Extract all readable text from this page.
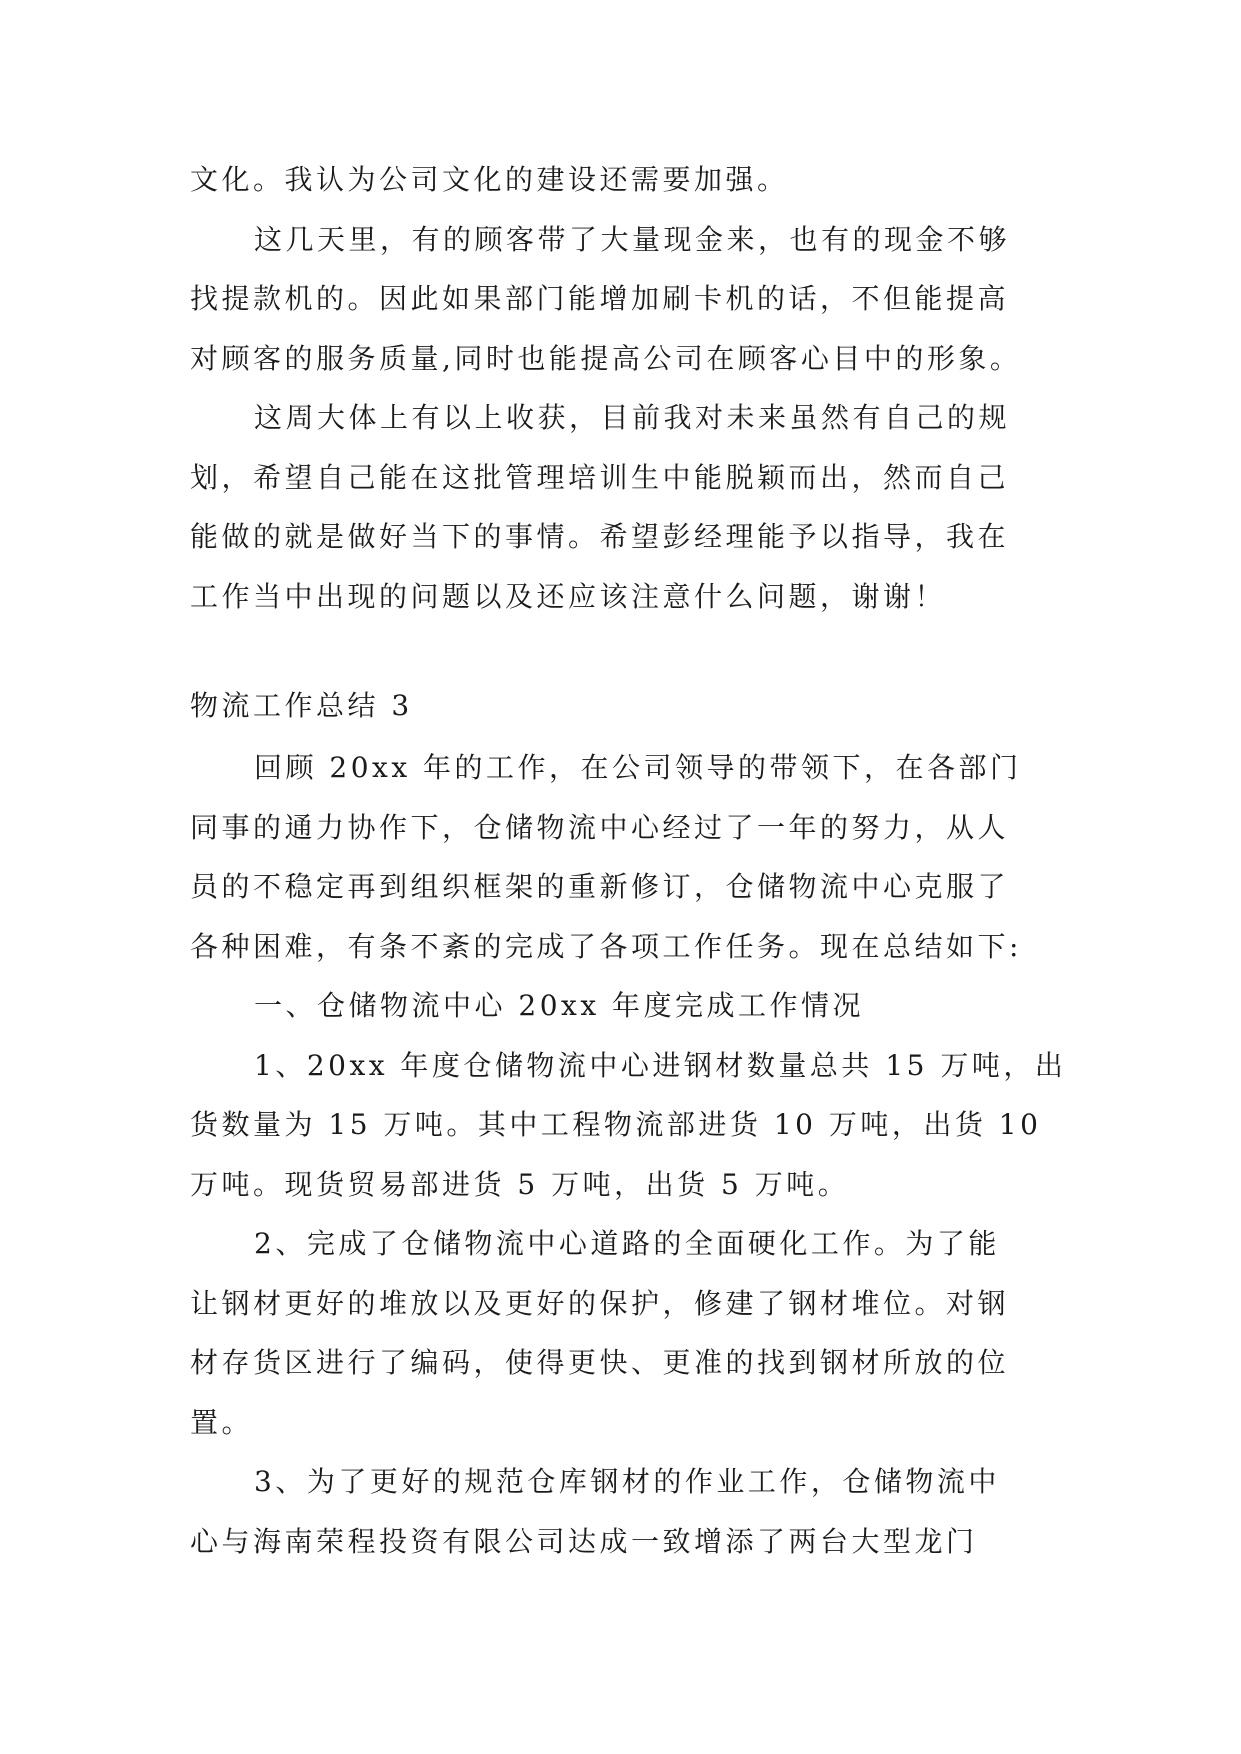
文化。我认为公司文化的建设还需要加强。
这几天里，有的顾客带了大量现金来，也有的现金不够
找提款机的。因此如果部门能增加刷卡机的话，不但能提高
对顾客的服务质量,同时也能提高公司在顾客心目中的形象。
这周大体上有以上收获，目前我对未来虽然有自己的规
划，希望自己能在这批管理培训生中能脱颖而出，然而自己
能做的就是做好当下的事情。希望彭经理能予以指导，我在
工作当中出现的问题以及还应该注意什么问题，谢谢！
物流工作总结 3
回顾 20xx 年的工作，在公司领导的带领下，在各部门
同事的通力协作下，仓储物流中心经过了一年的努力，从人
员的不稳定再到组织框架的重新修订，仓储物流中心克服了
各种困难，有条不紊的完成了各项工作任务。现在总结如下:
一、仓储物流中心 20xx 年度完成工作情况
1、20xx 年度仓储物流中心进钢材数量总共 15 万吨，出
货数量为 15 万吨。其中工程物流部进货 10 万吨，出货 10
万吨。现货贸易部进货 5 万吨，出货 5 万吨。
2、完成了仓储物流中心道路的全面硬化工作。为了能
让钢材更好的堆放以及更好的保护，修建了钢材堆位。对钢
材存货区进行了编码，使得更快、更准的找到钢材所放的位
置。
3、为了更好的规范仓库钢材的作业工作，仓储物流中
心与海南荣程投资有限公司达成一致增添了两台大型龙门
